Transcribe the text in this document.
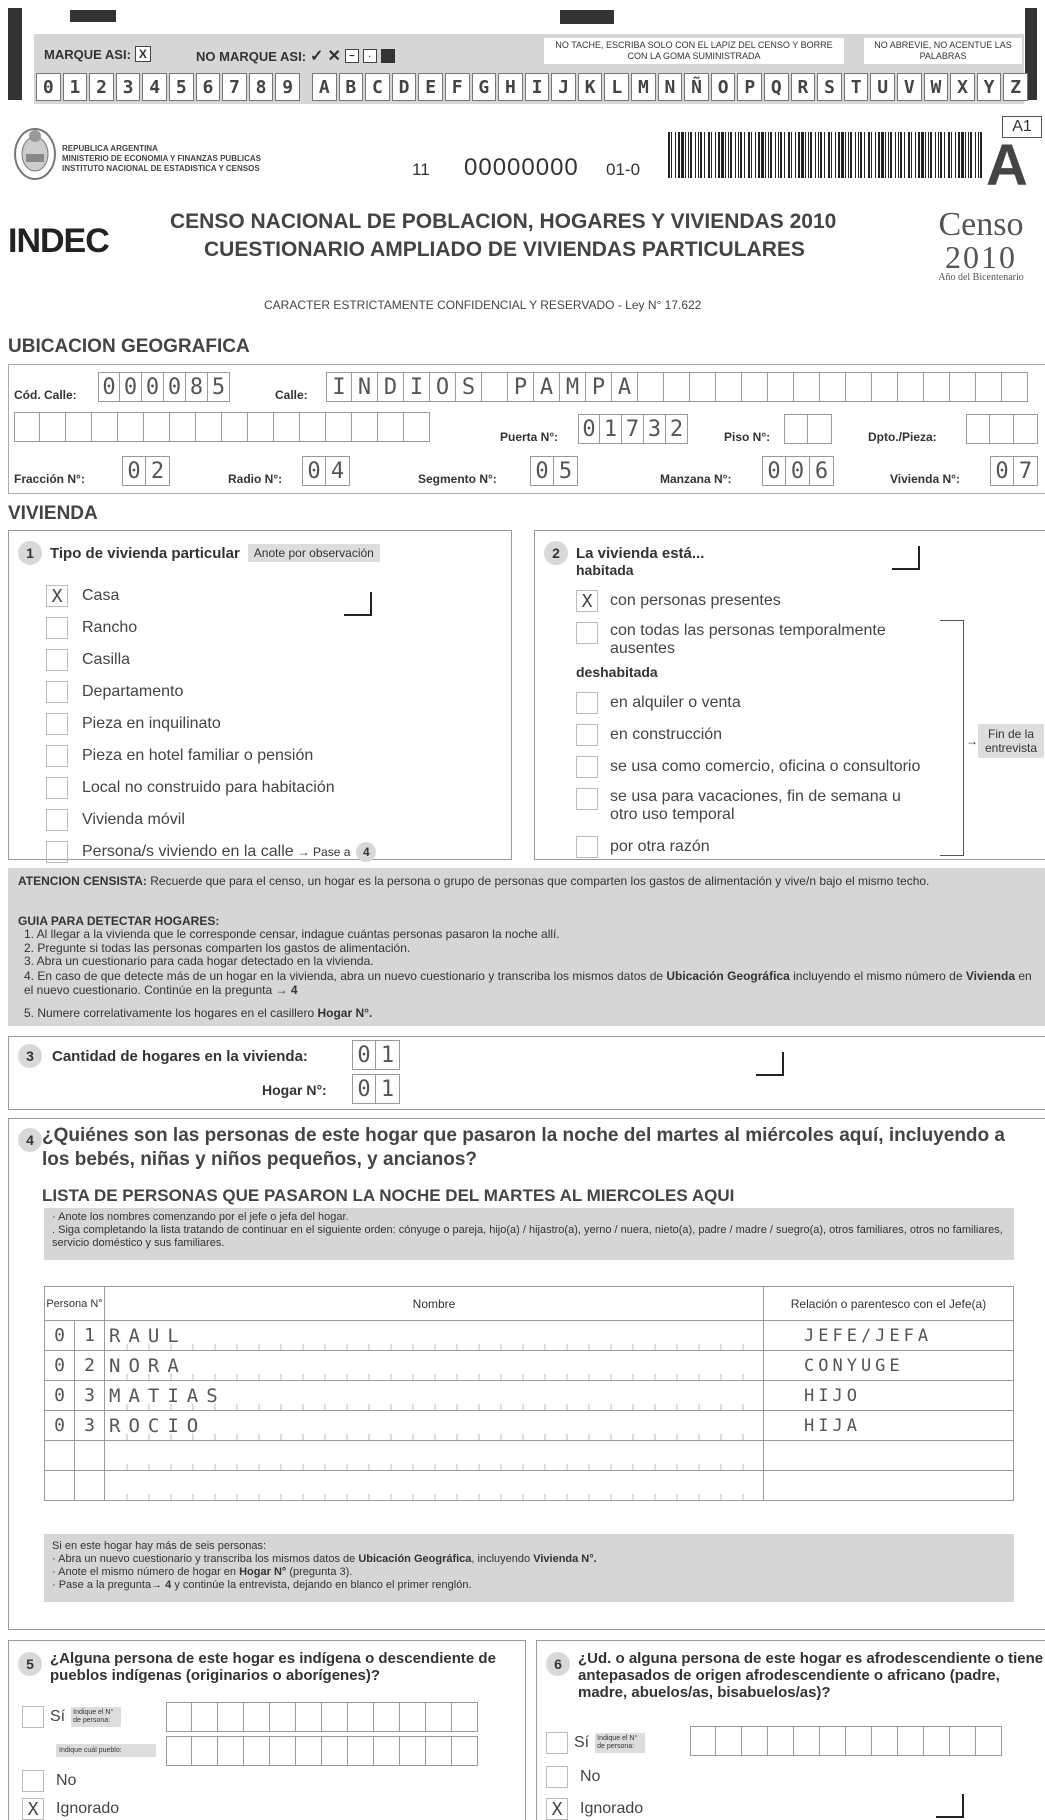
MARQUE ASI: X	NO MARQUE ASI: ✓ ✕ −	·
NO TACHE, ESCRIBA SOLO CON EL LAPIZ DEL CENSO Y BORRE CON LA GOMA SUMINISTRADA
NO ABREVIE, NO ACENTUE LAS PALABRAS
0 1 2 3 4 5 6 7 8 9	A B C D E F G H I J K L M N Ñ O P Q R S T U V W X Y Z
REPUBLICA ARGENTINA
MINISTERIO DE ECONOMIA Y FINANZAS PUBLICAS
INSTITUTO NACIONAL DE ESTADISTICA Y CENSOS	11 00000000 01-0
A1
A
INDEC
CENSO NACIONAL DE POBLACION, HOGARES Y VIVIENDAS 2010
CUESTIONARIO AMPLIADO DE VIVIENDAS PARTICULARES
Censo
2010
Año del Bicentenario
CARACTER ESTRICTAMENTE CONFIDENCIAL Y RESERVADO - Ley N° 17.622
UBICACION GEOGRAFICA
Cód. Calle: 0 0 0 0 8 5	Calle: I N D I O S	P A M P A
Puerta N°: 0 1 7 3 2	Piso N°:	Dpto./Pieza:
Fracción N°: 0 2	Radio N°: 0 4	Segmento N°: 0 5	Manzana N°: 0 0 6	Vivienda N°: 0 7
VIVIENDA
1	Tipo de vivienda particular	Anote por observación
X	Casa
Rancho
Casilla
Departamento
Pieza en inquilinato
Pieza en hotel familiar o pensión
Local no construido para habitación
Vivienda móvil
Persona/s viviendo en la calle → Pase a	4
2	La vivienda está...
habitada
X	con personas presentes
con todas las personas temporalmente ausentes
deshabitada
en alquiler o venta
en construcción
se usa como comercio, oficina o consultorio
se usa para vacaciones, fin de semana u otro uso temporal
por otra razón
→ Fin de la entrevista
ATENCION CENSISTA: Recuerde que para el censo, un hogar es la persona o grupo de personas que comparten los gastos de alimentación y vive/n bajo el mismo techo.
GUIA PARA DETECTAR HOGARES:
1. Al llegar a la vivienda que le corresponde censar, indague cuántas personas pasaron la noche allí.
2. Pregunte si todas las personas comparten los gastos de alimentación.
3. Abra un cuestionario para cada hogar detectado en la vivienda.
4. En caso de que detecte más de un hogar en la vivienda, abra un nuevo cuestionario y transcriba los mismos datos de Ubicación Geográfica incluyendo el mismo número de Vivienda en el nuevo cuestionario. Continúe en la pregunta → 4
5. Numere correlativamente los hogares en el casillero Hogar N°.
3	Cantidad de hogares en la vivienda: 0 1
Hogar N°: 0 1
4 ¿Quiénes son las personas de este hogar que pasaron la noche del martes al miércoles aquí, incluyendo a los bebés, niñas y niños pequeños, y ancianos?
LISTA DE PERSONAS QUE PASARON LA NOCHE DEL MARTES AL MIERCOLES AQUI
· Anote los nombres comenzando por el jefe o jefa del hogar.
. Siga completando la lista tratando de continuar en el siguiente orden: cónyuge o pareja, hijo(a) / hijastro(a), yerno / nuera, nieto(a), padre / madre / suegro(a), otros familiares, otros no familiares, servicio doméstico y sus familiares.
Persona N°		Nombre	Relación o parentesco con el Jefe(a)
0	1	RAUL	JEFE/JEFA
0	2	NORA	CONYUGE
0	3	MATIAS	HIJO
0	3	ROCIO	HIJA

Si en este hogar hay más de seis personas:
· Abra un nuevo cuestionario y transcriba los mismos datos de Ubicación Geográfica, incluyendo Vivienda N°.
· Anote el mismo número de hogar en Hogar N° (pregunta 3).
· Pase a la pregunta→ 4 y continúe la entrevista, dejando en blanco el primer renglón.
5	¿Alguna persona de este hogar es indígena o descendiente de pueblos indígenas (originarios o aborígenes)?
Sí Indique el N° de persona:
Indique cuál pueblo:
No
X	Ignorado
6	¿Ud. o alguna persona de este hogar es afrodescendiente o tiene antepasados de origen afrodescendiente o africano (padre, madre, abuelos/as, bisabuelos/as)?
Sí Indique el N° de persona:
No
X	Ignorado
